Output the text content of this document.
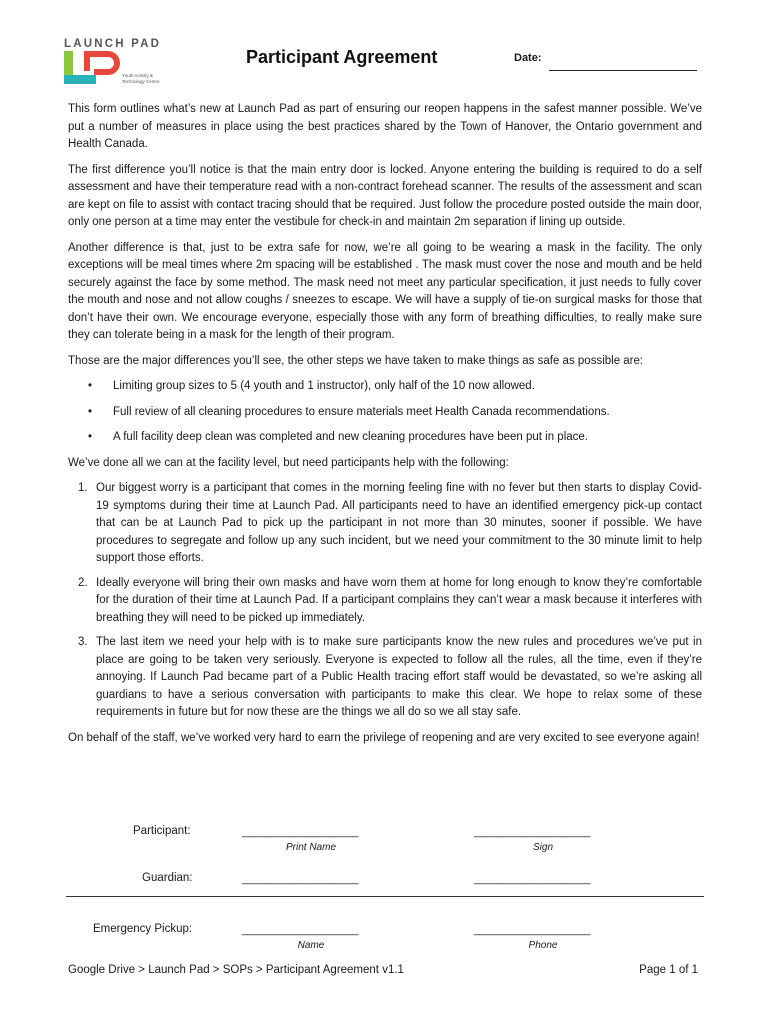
LAUNCH PAD
Youth Activity &
Technology Centre
Participant Agreement	Date:

This form outlines what’s new at Launch Pad as part of ensuring our reopen happens in the safest manner possible. We’ve put a number of measures in place using the best practices shared by the Town of Hanover, the Ontario government and Health Canada.

The first difference you’ll notice is that the main entry door is locked. Anyone entering the building is required to do a self assessment and have their temperature read with a non-contract forehead scanner. The results of the assessment and scan are kept on file to assist with contact tracing should that be required. Just follow the procedure posted outside the main door, only one person at a time may enter the vestibule for check-in and maintain 2m separation if lining up outside.

Another difference is that, just to be extra safe for now, we’re all going to be wearing a mask in the facility. The only exceptions will be meal times where 2m spacing will be established . The mask must cover the nose and mouth and be held securely against the face by some method. The mask need not meet any particular specification, it just needs to fully cover the mouth and nose and not allow coughs / sneezes to escape. We will have a supply of tie-on surgical masks for those that don’t have their own. We encourage everyone, especially those with any form of breathing difficulties, to really make sure they can tolerate being in a mask for the length of their program.

Those are the major differences you’ll see, the other steps we have taken to make things as safe as possible are:

• Limiting group sizes to 5 (4 youth and 1 instructor), only half of the 10 now allowed.
• Full review of all cleaning procedures to ensure materials meet Health Canada recommendations.
• A full facility deep clean was completed and new cleaning procedures have been put in place.

We’ve done all we can at the facility level, but need participants help with the following:

1. Our biggest worry is a participant that comes in the morning feeling fine with no fever but then starts to display Covid-19 symptoms during their time at Launch Pad. All participants need to have an identified emergency pick-up contact that can be at Launch Pad to pick up the participant in not more than 30 minutes, sooner if possible. We have procedures to segregate and follow up any such incident, but we need your commitment to the 30 minute limit to help support those efforts.
2. Ideally everyone will bring their own masks and have worn them at home for long enough to know they’re comfortable for the duration of their time at Launch Pad. If a participant complains they can’t wear a mask because it interferes with breathing they will need to be picked up immediately.
3. The last item we need your help with is to make sure participants know the new rules and procedures we’ve put in place are going to be taken very seriously. Everyone is expected to follow all the rules, all the time, even if they’re annoying. If Launch Pad became part of a Public Health tracing effort staff would be devastated, so we’re asking all guardians to have a serious conversation with participants to make this clear. We hope to relax some of these requirements in future but for now these are the things we all do so we all stay safe.

On behalf of the staff, we’ve worked very hard to earn the privilege of reopening and are very excited to see everyone again!

Participant:	____________________	____________________
Print Name	Sign
Guardian:	____________________	____________________
Emergency Pickup:	____________________	____________________
Name	Phone
Google Drive > Launch Pad > SOPs > Participant Agreement v1.1	Page 1 of 1
